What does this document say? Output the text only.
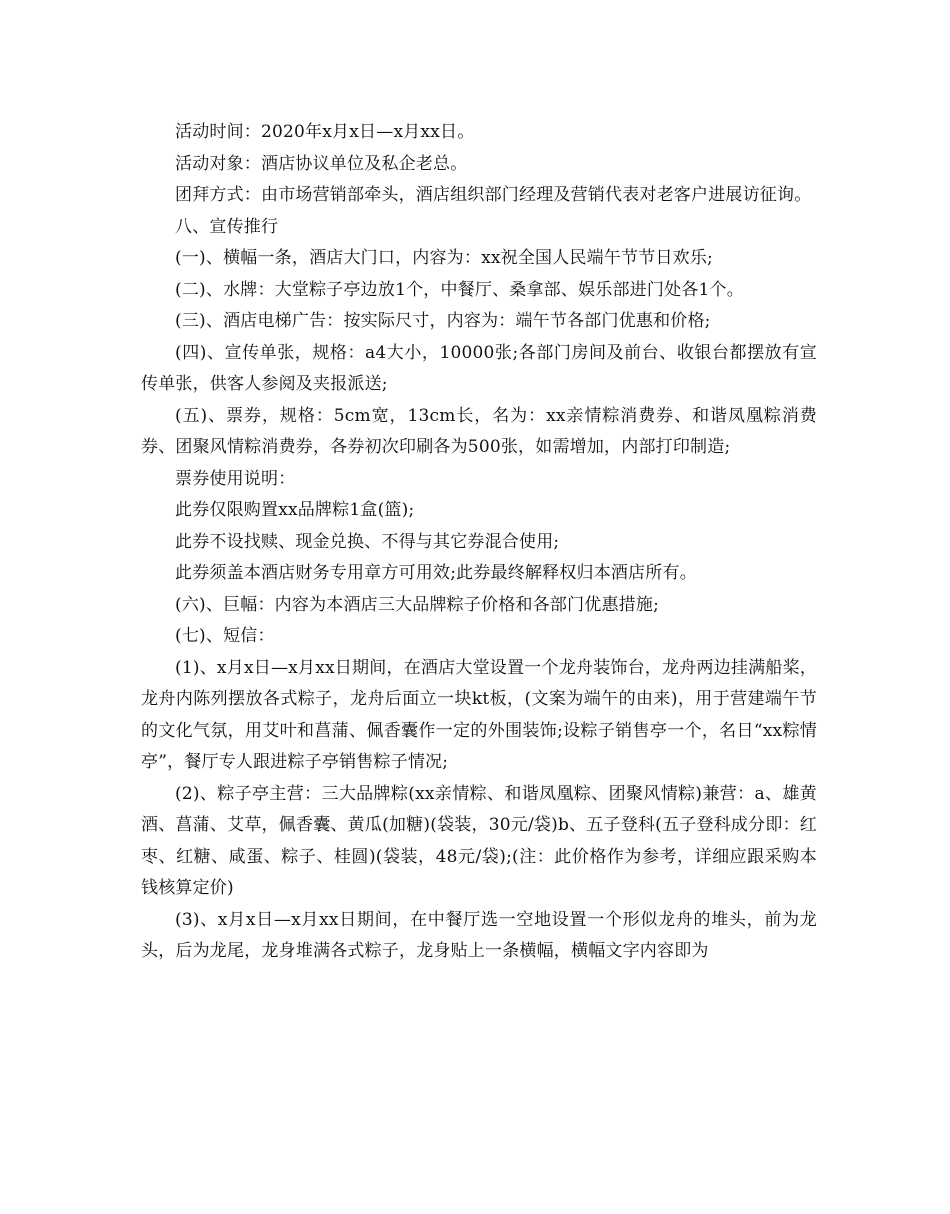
活动时间：2020年x月x日—x月xx日。

活动对象：酒店协议单位及私企老总。

团拜方式：由市场营销部牵头，酒店组织部门经理及营销代表对老客户进展访征询。

八、宣传推行

(一)、横幅一条，酒店大门口，内容为：xx祝全国人民端午节节日欢乐;

(二)、水牌：大堂粽子亭边放1个，中餐厅、桑拿部、娱乐部进门处各1个。

(三)、酒店电梯广告：按实际尺寸，内容为：端午节各部门优惠和价格;

(四)、宣传单张，规格：a4大小，10000张;各部门房间及前台、收银台都摆放有宣传单张，供客人参阅及夹报派送;

(五)、票券，规格：5cm宽，13cm长，名为：xx亲情粽消费券、和谐凤凰粽消费券、团聚风情粽消费券，各券初次印刷各为500张，如需增加，内部打印制造;

票券使用说明：

此券仅限购置xx品牌粽1盒(篮);

此券不设找赎、现金兑换、不得与其它券混合使用;

此券须盖本酒店财务专用章方可用效;此券最终解释权归本酒店所有。

(六)、巨幅：内容为本酒店三大品牌粽子价格和各部门优惠措施;

(七)、短信：

(1)、x月x日—x月xx日期间，在酒店大堂设置一个龙舟装饰台，龙舟两边挂满船桨，龙舟内陈列摆放各式粽子，龙舟后面立一块kt板，(文案为端午的由来)，用于营建端午节的文化气氛，用艾叶和菖蒲、佩香囊作一定的外围装饰;设粽子销售亭一个，名日“xx粽情亭”，餐厅专人跟进粽子亭销售粽子情况;

(2)、粽子亭主营：三大品牌粽(xx亲情粽、和谐凤凰粽、团聚风情粽)兼营：a、雄黄酒、菖蒲、艾草，佩香囊、黄瓜(加糖)(袋装，30元/袋)b、五子登科(五子登科成分即：红枣、红糖、咸蛋、粽子、桂圆)(袋装，48元/袋);(注：此价格作为参考，详细应跟采购本钱核算定价)

(3)、x月x日—x月xx日期间，在中餐厅选一空地设置一个形似龙舟的堆头，前为龙头，后为龙尾，龙身堆满各式粽子，龙身贴上一条横幅，横幅文字内容即为
